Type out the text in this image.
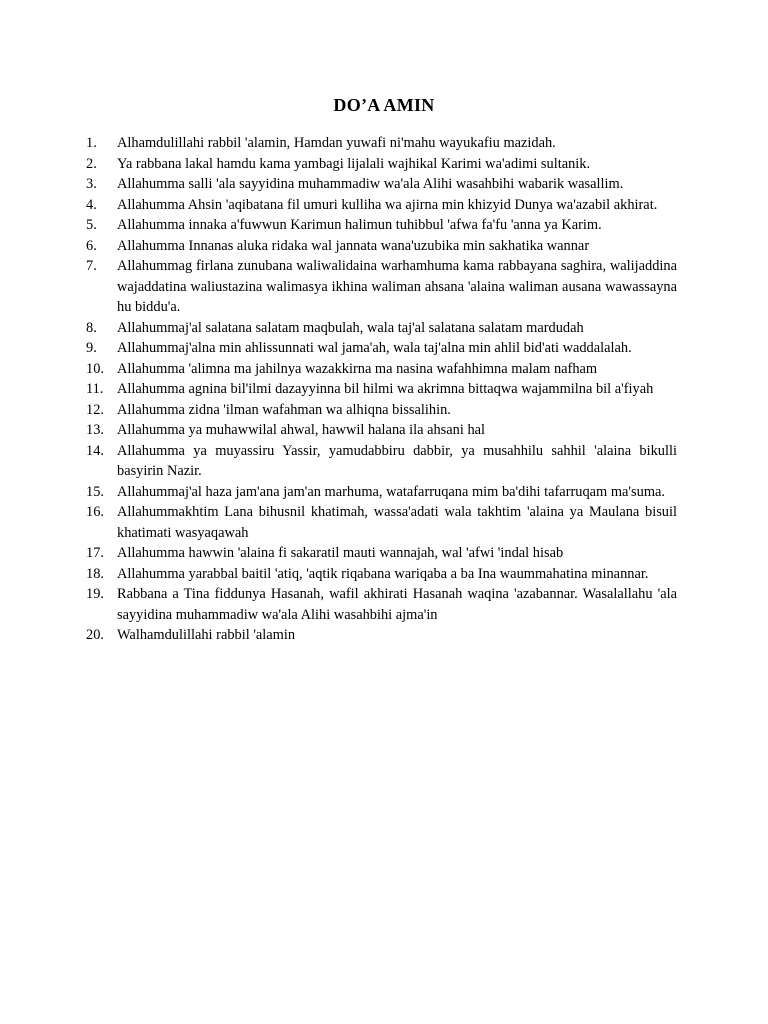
DO’A AMIN
1.	Alhamdulillahi rabbil 'alamin, Hamdan yuwafi ni'mahu wayukafiu mazidah.
2.	Ya rabbana lakal hamdu kama yambagi lijalali wajhikal Karimi wa'adimi sultanik.
3.	Allahumma salli 'ala sayyidina muhammadiw wa'ala Alihi wasahbihi wabarik wasallim.
4.	Allahumma Ahsin 'aqibatana fil umuri kulliha wa ajirna min khizyid Dunya wa'azabil akhirat.
5.	Allahumma innaka a'fuwwun Karimun halimun tuhibbul 'afwa fa'fu 'anna ya Karim.
6.	Allahumma Innanas aluka ridaka wal jannata wana'uzubika min sakhatika wannar
7.	Allahummag firlana zunubana waliwalidaina warhamhuma kama rabbayana saghira, walijaddina wajaddatina waliustazina walimasya ikhina waliman ahsana 'alaina waliman ausana wawassayna hu biddu'a.
8.	Allahummaj'al salatana salatam maqbulah, wala taj'al salatana salatam mardudah
9.	Allahummaj'alna min ahlissunnati wal jama'ah, wala taj'alna min ahlil bid'ati waddalalah.
10. Allahumma 'alimna ma jahilnya wazakkirna ma nasina wafahhimna malam nafham
11. Allahumma agnina bil'ilmi dazayyinna bil hilmi wa akrimna bittaqwa wajammilna bil a'fiyah
12. Allahumma zidna 'ilman wafahman wa alhiqna bissalihin.
13. Allahumma ya muhawwilal ahwal, hawwil halana ila ahsani hal
14. Allahumma ya muyassiru Yassir, yamudabbiru dabbir, ya musahhilu sahhil 'alaina bikulli basyirin Nazir.
15. Allahummaj'al haza jam'ana jam'an marhuma, watafarruqana mim ba'dihi tafarruqam ma'suma.
16. Allahummakhtim Lana bihusnil khatimah, wassa'adati wala takhtim 'alaina ya Maulana bisuil khatimati wasyaqawah
17. Allahumma hawwin 'alaina fi sakaratil mauti wannajah, wal 'afwi 'indal hisab
18. Allahumma yarabbal baitil 'atiq, 'aqtik riqabana wariqaba a ba Ina waummahatina minannar.
19. Rabbana a Tina fiddunya Hasanah, wafil akhirati Hasanah waqina 'azabannar. Wasalallahu 'ala sayyidina muhammadiw wa'ala Alihi wasahbihi ajma'in
20. Walhamdulillahi rabbil 'alamin
